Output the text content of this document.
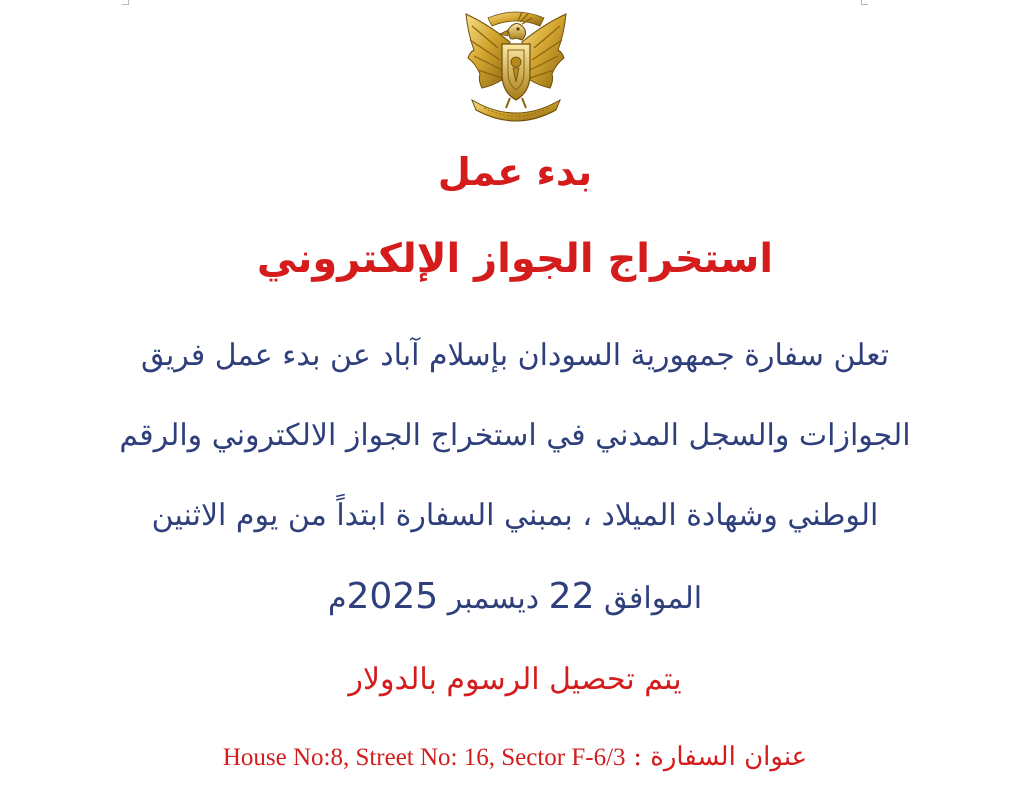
بدء عمل
استخراج الجواز الإلكتروني
تعلن سفارة جمهورية السودان بإسلام آباد عن بدء عمل فريق
الجوازات والسجل المدني في استخراج الجواز الالكتروني والرقم
الوطني وشهادة الميلاد ، بمبني السفارة ابتداً من يوم الاثنين
الموافق 22 ديسمبر 2025م
يتم تحصيل الرسوم بالدولار
عنوان السفارة : House No:8, Street No: 16, Sector F-6/3
